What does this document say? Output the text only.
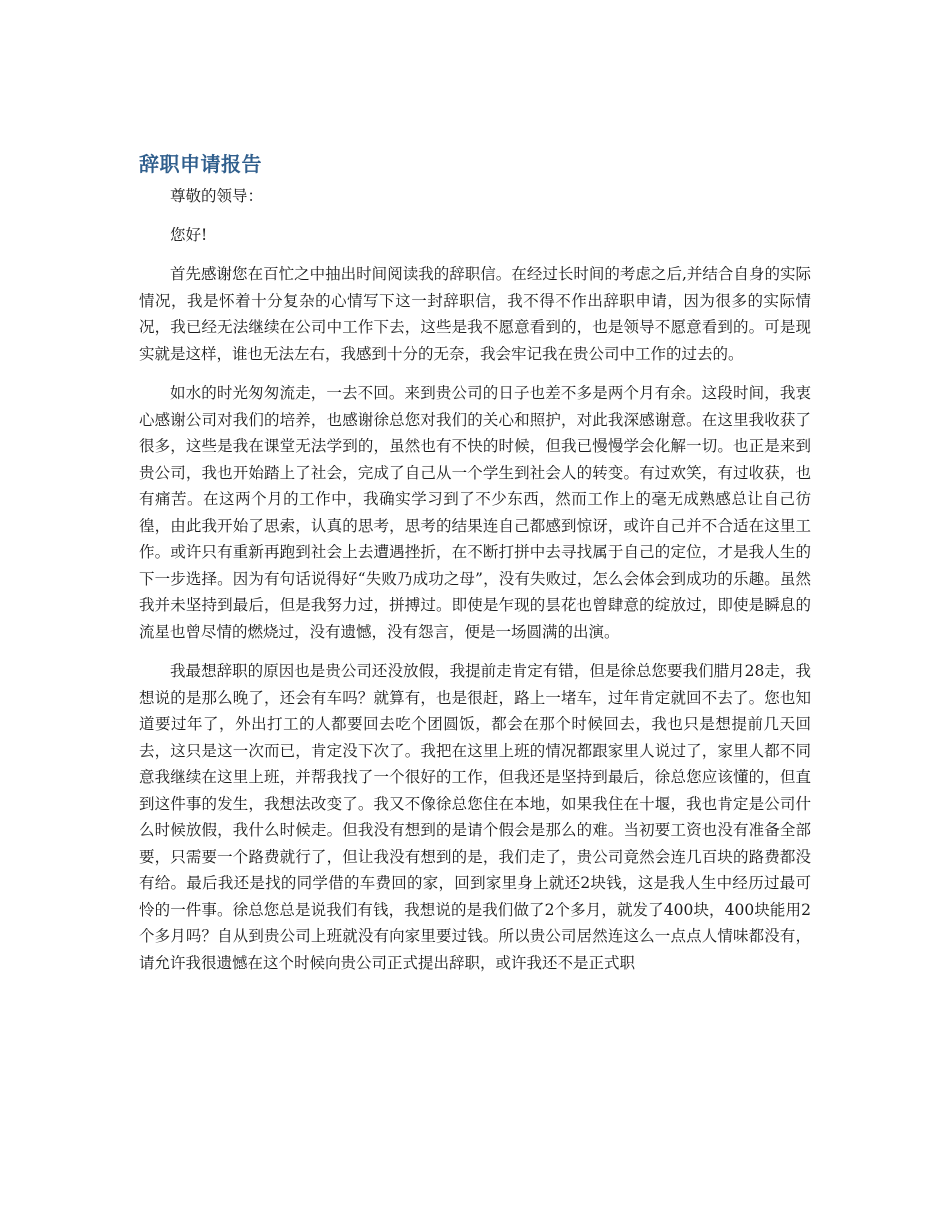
辞职申请报告

尊敬的领导：

您好!

首先感谢您在百忙之中抽出时间阅读我的辞职信。在经过长时间的考虑之后,并结合自身的实际情况，我是怀着十分复杂的心情写下这一封辞职信，我不得不作出辞职申请，因为很多的实际情况，我已经无法继续在公司中工作下去，这些是我不愿意看到的，也是领导不愿意看到的。可是现实就是这样，谁也无法左右，我感到十分的无奈，我会牢记我在贵公司中工作的过去的。

如水的时光匆匆流走，一去不回。来到贵公司的日子也差不多是两个月有余。这段时间，我衷心感谢公司对我们的培养，也感谢徐总您对我们的关心和照护，对此我深感谢意。在这里我收获了很多，这些是我在课堂无法学到的，虽然也有不快的时候，但我已慢慢学会化解一切。也正是来到贵公司，我也开始踏上了社会，完成了自己从一个学生到社会人的转变。有过欢笑，有过收获，也有痛苦。在这两个月的工作中，我确实学习到了不少东西，然而工作上的毫无成熟感总让自己彷徨，由此我开始了思索，认真的思考，思考的结果连自己都感到惊讶，或许自己并不合适在这里工作。或许只有重新再跑到社会上去遭遇挫折，在不断打拼中去寻找属于自己的定位，才是我人生的下一步选择。因为有句话说得好“失败乃成功之母”，没有失败过，怎么会体会到成功的乐趣。虽然我并未坚持到最后，但是我努力过，拼搏过。即使是乍现的昙花也曾肆意的绽放过，即使是瞬息的流星也曾尽情的燃烧过，没有遗憾，没有怨言，便是一场圆满的出演。

我最想辞职的原因也是贵公司还没放假，我提前走肯定有错，但是徐总您要我们腊月28走，我想说的是那么晚了，还会有车吗？就算有，也是很赶，路上一堵车，过年肯定就回不去了。您也知道要过年了，外出打工的人都要回去吃个团圆饭，都会在那个时候回去，我也只是想提前几天回去，这只是这一次而已，肯定没下次了。我把在这里上班的情况都跟家里人说过了，家里人都不同意我继续在这里上班，并帮我找了一个很好的工作，但我还是坚持到最后，徐总您应该懂的，但直到这件事的发生，我想法改变了。我又不像徐总您住在本地，如果我住在十堰，我也肯定是公司什么时候放假，我什么时候走。但我没有想到的是请个假会是那么的难。当初要工资也没有准备全部要，只需要一个路费就行了，但让我没有想到的是，我们走了，贵公司竟然会连几百块的路费都没有给。最后我还是找的同学借的车费回的家，回到家里身上就还2块钱，这是我人生中经历过最可怜的一件事。徐总您总是说我们有钱，我想说的是我们做了2个多月，就发了400块，400块能用2个多月吗？自从到贵公司上班就没有向家里要过钱。所以贵公司居然连这么一点点人情味都没有，请允许我很遗憾在这个时候向贵公司正式提出辞职，或许我还不是正式职
